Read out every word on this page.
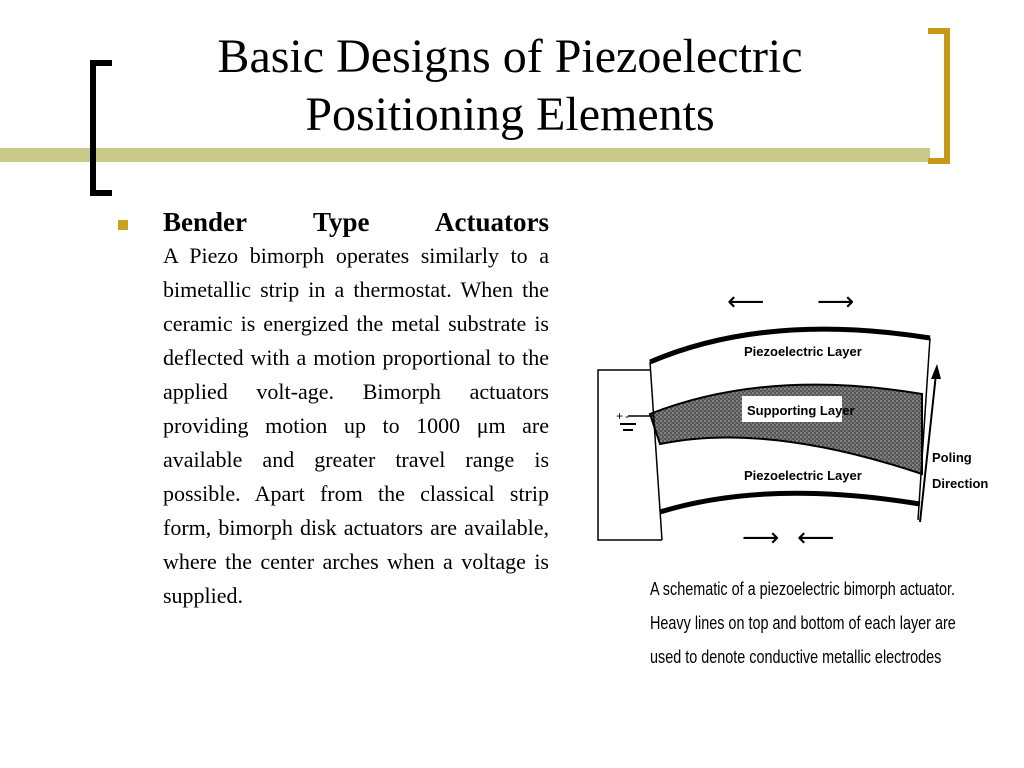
Basic Designs of Piezoelectric
Positioning Elements
Bender Type Actuators
A Piezo bimorph operates similarly to a bimetallic strip in a thermostat. When the ceramic is energized the metal substrate is deflected with a motion proportional to the applied volt-age. Bimorph actuators providing motion up to 1000 μm are available and greater travel range is possible. Apart from the classical strip form, bimorph disk actuators are available, where the center arches when a voltage is supplied.
⟵ ⟶
Supporting Layer
Piezoelectric Layer
Piezoelectric Layer
+ -
Poling
Direction
⟶ ⟵
A schematic of a piezoelectric bimorph actuator.
Heavy lines on top and bottom of each layer are
used to denote conductive metallic electrodes
